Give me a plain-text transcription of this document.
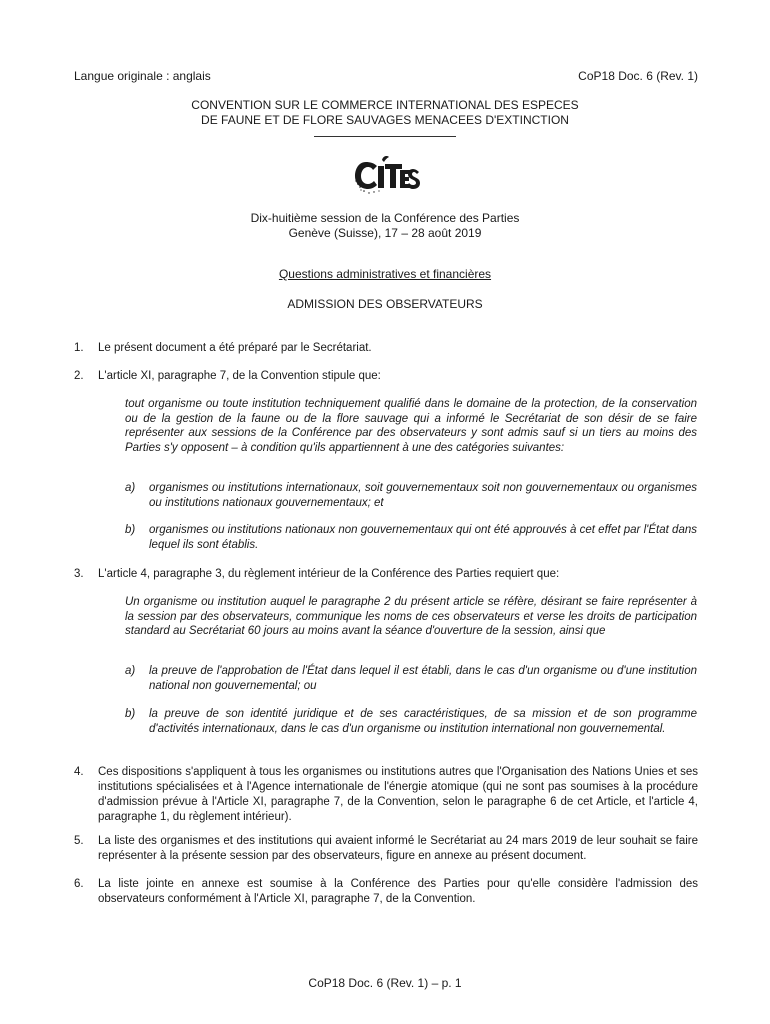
Langue originale : anglais	CoP18 Doc. 6 (Rev. 1)
CONVENTION SUR LE COMMERCE INTERNATIONAL DES ESPECES
DE FAUNE ET DE FLORE SAUVAGES MENACEES D'EXTINCTION
Dix-huitième session de la Conférence des Parties
Genève (Suisse), 17 – 28 août 2019
Questions administratives et financières
ADMISSION DES OBSERVATEURS
1.	Le présent document a été préparé par le Secrétariat.
2.	L'article XI, paragraphe 7, de la Convention stipule que:
tout organisme ou toute institution techniquement qualifié dans le domaine de la protection, de la conservation ou de la gestion de la faune ou de la flore sauvage qui a informé le Secrétariat de son désir de se faire représenter aux sessions de la Conférence par des observateurs y sont admis sauf si un tiers au moins des Parties s'y opposent – à condition qu'ils appartiennent à une des catégories suivantes:
a)	organismes ou institutions internationaux, soit gouvernementaux soit non gouvernementaux ou organismes ou institutions nationaux gouvernementaux; et
b)	organismes ou institutions nationaux non gouvernementaux qui ont été approuvés à cet effet par l'État dans lequel ils sont établis.
3.	L'article 4, paragraphe 3, du règlement intérieur de la Conférence des Parties requiert que:
Un organisme ou institution auquel le paragraphe 2 du présent article se réfère, désirant se faire représenter à la session par des observateurs, communique les noms de ces observateurs et verse les droits de participation standard au Secrétariat 60 jours au moins avant la séance d'ouverture de la session, ainsi que
a)	la preuve de l'approbation de l'État dans lequel il est établi, dans le cas d'un organisme ou d'une institution national non gouvernemental; ou
b)	la preuve de son identité juridique et de ses caractéristiques, de sa mission et de son programme d'activités internationaux, dans le cas d'un organisme ou institution international non gouvernemental.
4.	Ces dispositions s'appliquent à tous les organismes ou institutions autres que l'Organisation des Nations Unies et ses institutions spécialisées et à l'Agence internationale de l'énergie atomique (qui ne sont pas soumises à la procédure d'admission prévue à l'Article XI, paragraphe 7, de la Convention, selon le paragraphe 6 de cet Article, et l'article 4, paragraphe 1, du règlement intérieur).
5.	La liste des organismes et des institutions qui avaient informé le Secrétariat au 24 mars 2019 de leur souhait se faire représenter à la présente session par des observateurs, figure en annexe au présent document.
6.	La liste jointe en annexe est soumise à la Conférence des Parties pour qu'elle considère l'admission des observateurs conformément à l'Article XI, paragraphe 7, de la Convention.
CoP18 Doc. 6 (Rev. 1) – p. 1
